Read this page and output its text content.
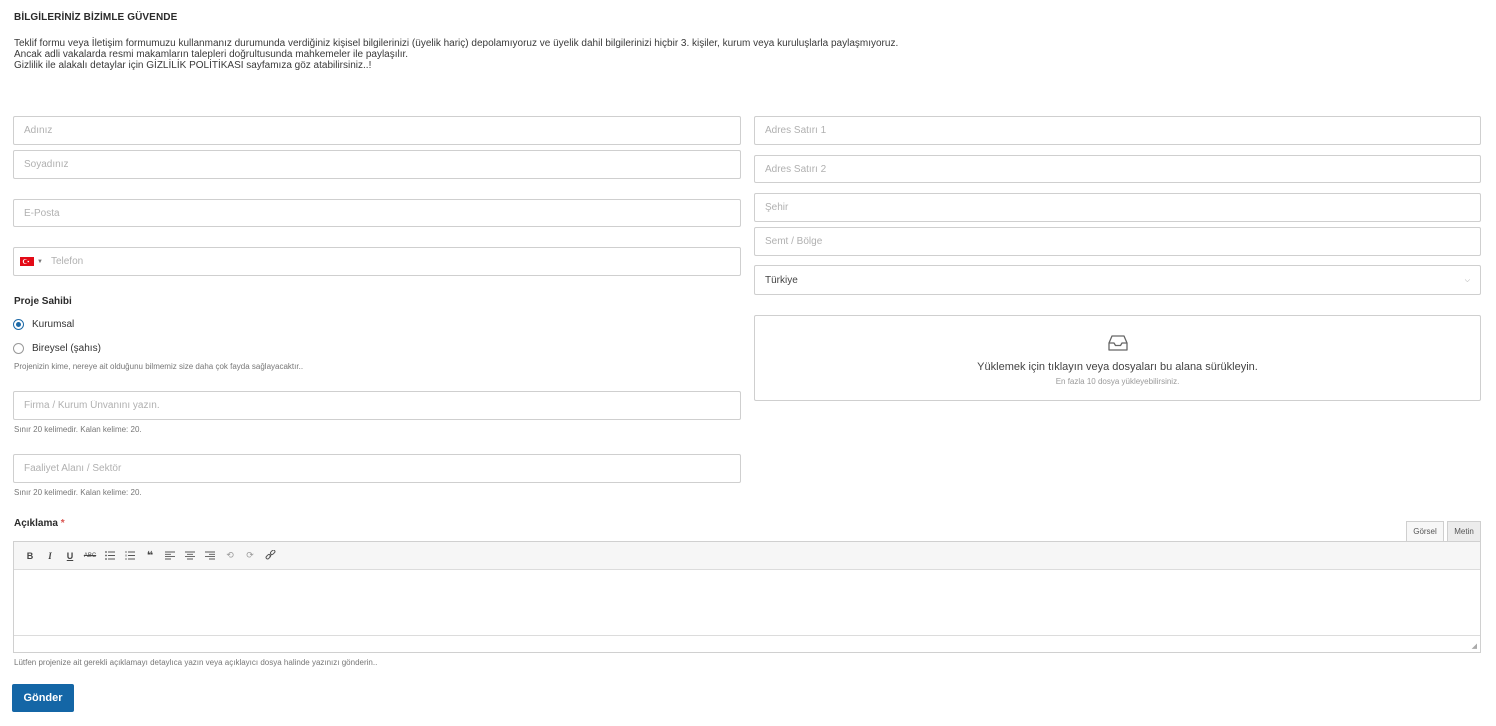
BİLGİLERİNİZ BİZİMLE GÜVENDE
Teklif formu veya İletişim formumuzu kullanmanız durumunda verdiğiniz kişisel bilgilerinizi (üyelik hariç) depolamıyoruz ve üyelik dahil bilgilerinizi hiçbir 3. kişiler, kurum veya kuruluşlarla paylaşmıyoruz.
Ancak adli vakalarda resmi makamların talepleri doğrultusunda mahkemeler ile paylaşılır.
Gizlilik ile alakalı detaylar için GİZLİLİK POLİTİKASI sayfamıza göz atabilirsiniz..!
Adınız
Soyadınız
E-Posta
▼
Telefon
Proje Sahibi
Kurumsal
Bireysel (şahıs)
Projenizin kime, nereye ait olduğunu bilmemiz size daha çok fayda sağlayacaktır..
Firma / Kurum Ünvanını yazın.
Sınır 20 kelimedir. Kalan kelime: 20.
Faaliyet Alanı / Sektör
Sınır 20 kelimedir. Kalan kelime: 20.
Adres Satırı 1
Adres Satırı 2
Şehir
Semt / Bölge
Türkiye	⌵
Yüklemek için tıklayın veya dosyaları bu alana sürükleyin.
En fazla 10 dosya yükleyebilirsiniz.
Açıklama *
Görsel	Metin
B	I	U	ABC	❝	⟲	⟳
◢
Lütfen projenize ait gerekli açıklamayı detaylıca yazın veya açıklayıcı dosya halinde yazınızı gönderin..
Gönder
